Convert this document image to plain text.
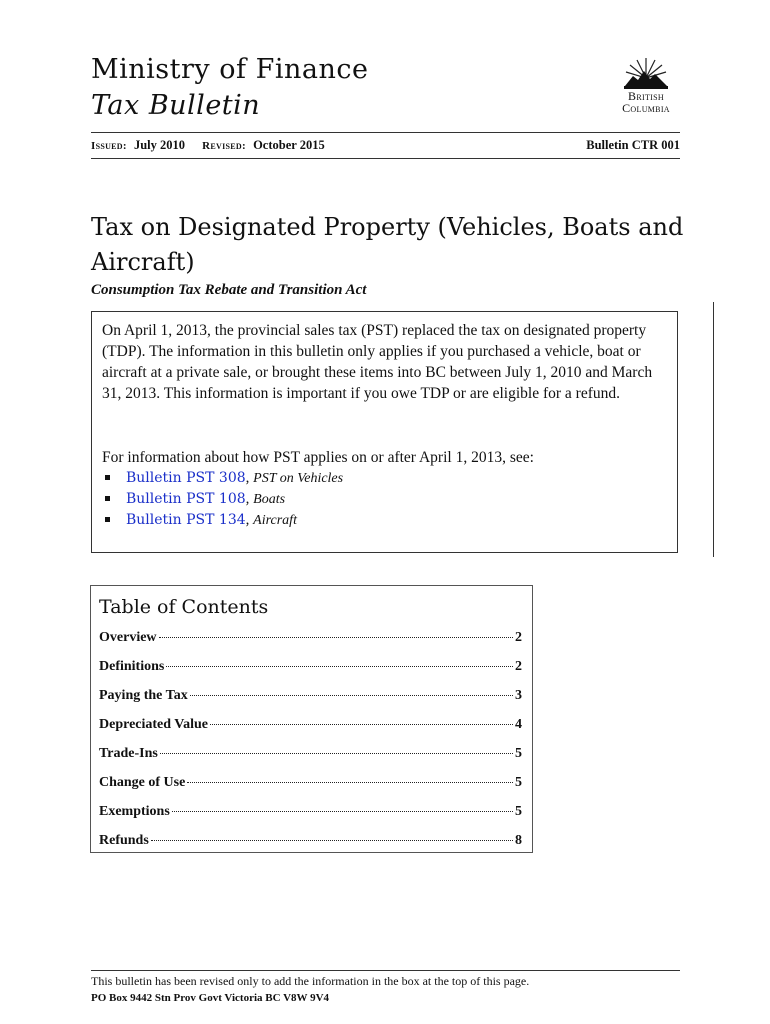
Ministry of Finance
Tax Bulletin	British
Columbia
Issued: July 2010 Revised: October 2015	Bulletin CTR 001
Tax on Designated Property (Vehicles, Boats and
Aircraft)
Consumption Tax Rebate and Transition Act
On April 1, 2013, the provincial sales tax (PST) replaced the tax on designated property (TDP). The information in this bulletin only applies if you purchased a vehicle, boat or aircraft at a private sale, or brought these items into BC between July 1, 2010 and March 31, 2013. This information is important if you owe TDP or are eligible for a refund.
For information about how PST applies on or after April 1, 2013, see:
Bulletin PST 308, PST on Vehicles
Bulletin PST 108, Boats
Bulletin PST 134, Aircraft
Table of Contents
Overview	2
Definitions	2
Paying the Tax	3
Depreciated Value	4
Trade-Ins	5
Change of Use	5
Exemptions	5
Refunds	8
This bulletin has been revised only to add the information in the box at the top of this page.
PO Box 9442 Stn Prov Govt Victoria BC V8W 9V4
